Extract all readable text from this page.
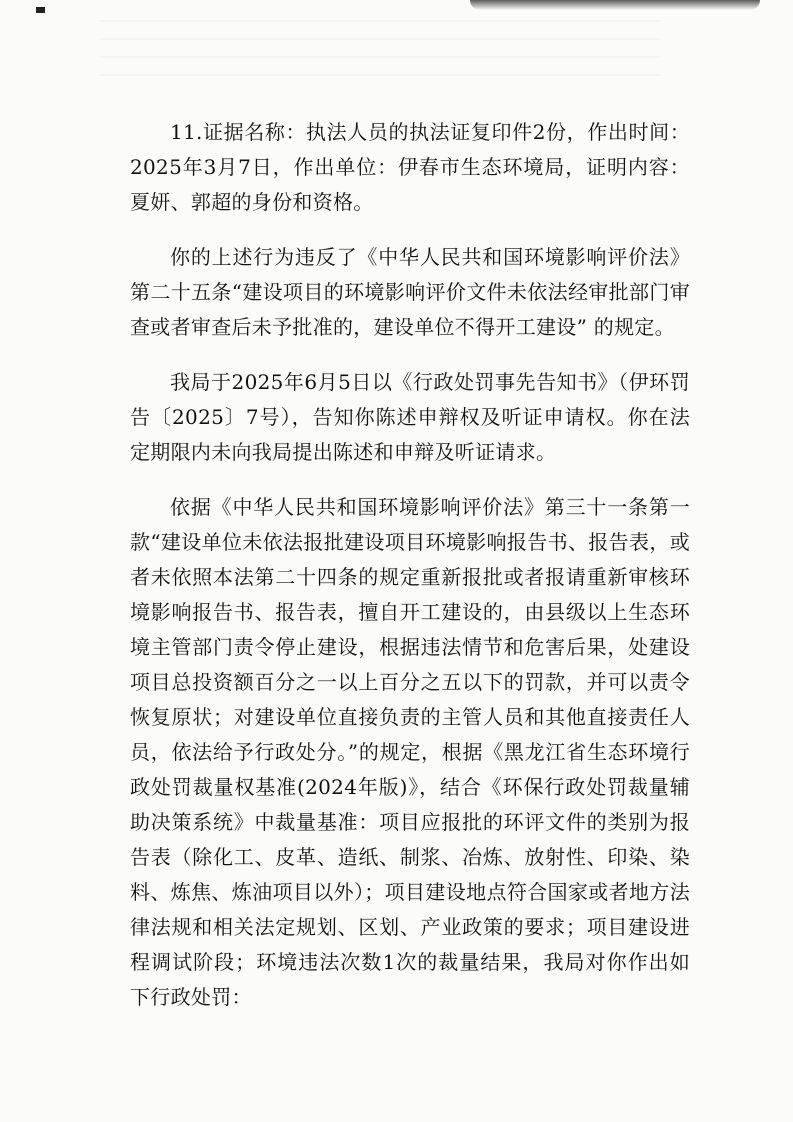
11.证据名称：执法人员的执法证复印件2份，作出时间：2025年3月7日，作出单位：伊春市生态环境局，证明内容：夏妍、郭超的身份和资格。

你的上述行为违反了《中华人民共和国环境影响评价法》第二十五条“建设项目的环境影响评价文件未依法经审批部门审查或者审查后未予批准的，建设单位不得开工建设” 的规定。

我局于2025年6月5日以《行政处罚事先告知书》（伊环罚告〔2025〕7号），告知你陈述申辩权及听证申请权。你在法定期限内未向我局提出陈述和申辩及听证请求。

依据《中华人民共和国环境影响评价法》第三十一条第一款“建设单位未依法报批建设项目环境影响报告书、报告表，或者未依照本法第二十四条的规定重新报批或者报请重新审核环境影响报告书、报告表，擅自开工建设的，由县级以上生态环境主管部门责令停止建设，根据违法情节和危害后果，处建设项目总投资额百分之一以上百分之五以下的罚款，并可以责令恢复原状；对建设单位直接负责的主管人员和其他直接责任人员，依法给予行政处分。”的规定，根据《黑龙江省生态环境行政处罚裁量权基准(2024年版)》，结合《环保行政处罚裁量辅助决策系统》中裁量基准：项目应报批的环评文件的类别为报告表（除化工、皮革、造纸、制浆、冶炼、放射性、印染、染料、炼焦、炼油项目以外）；项目建设地点符合国家或者地方法律法规和相关法定规划、区划、产业政策的要求；项目建设进程调试阶段；环境违法次数1次的裁量结果，我局对你作出如下行政处罚：
